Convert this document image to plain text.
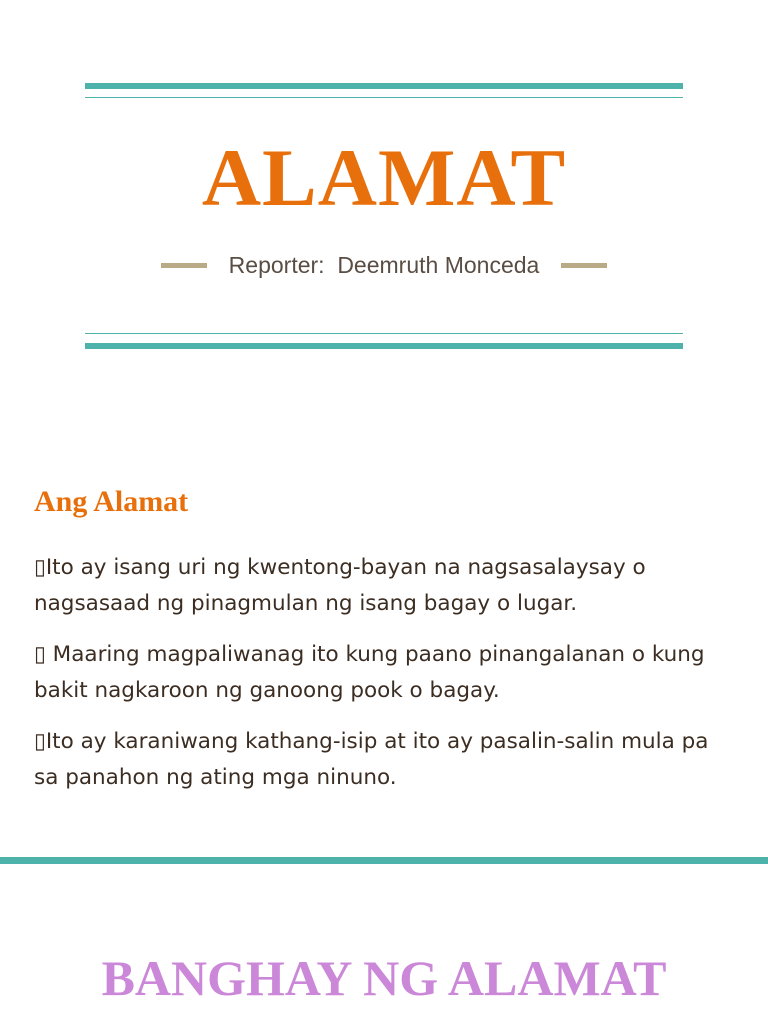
ALAMAT
Reporter:  Deemruth Monceda
Ang Alamat

▯Ito ay isang uri ng kwentong-bayan na nagsasalaysay o nagsasaad ng pinagmulan ng isang bagay o lugar.

▯ Maaring magpaliwanag ito kung paano pinangalanan o kung bakit nagkaroon ng ganoong pook o bagay.

▯Ito ay karaniwang kathang-isip at ito ay pasalin-salin mula pa sa panahon ng ating mga ninuno.

BANGHAY NG ALAMAT
